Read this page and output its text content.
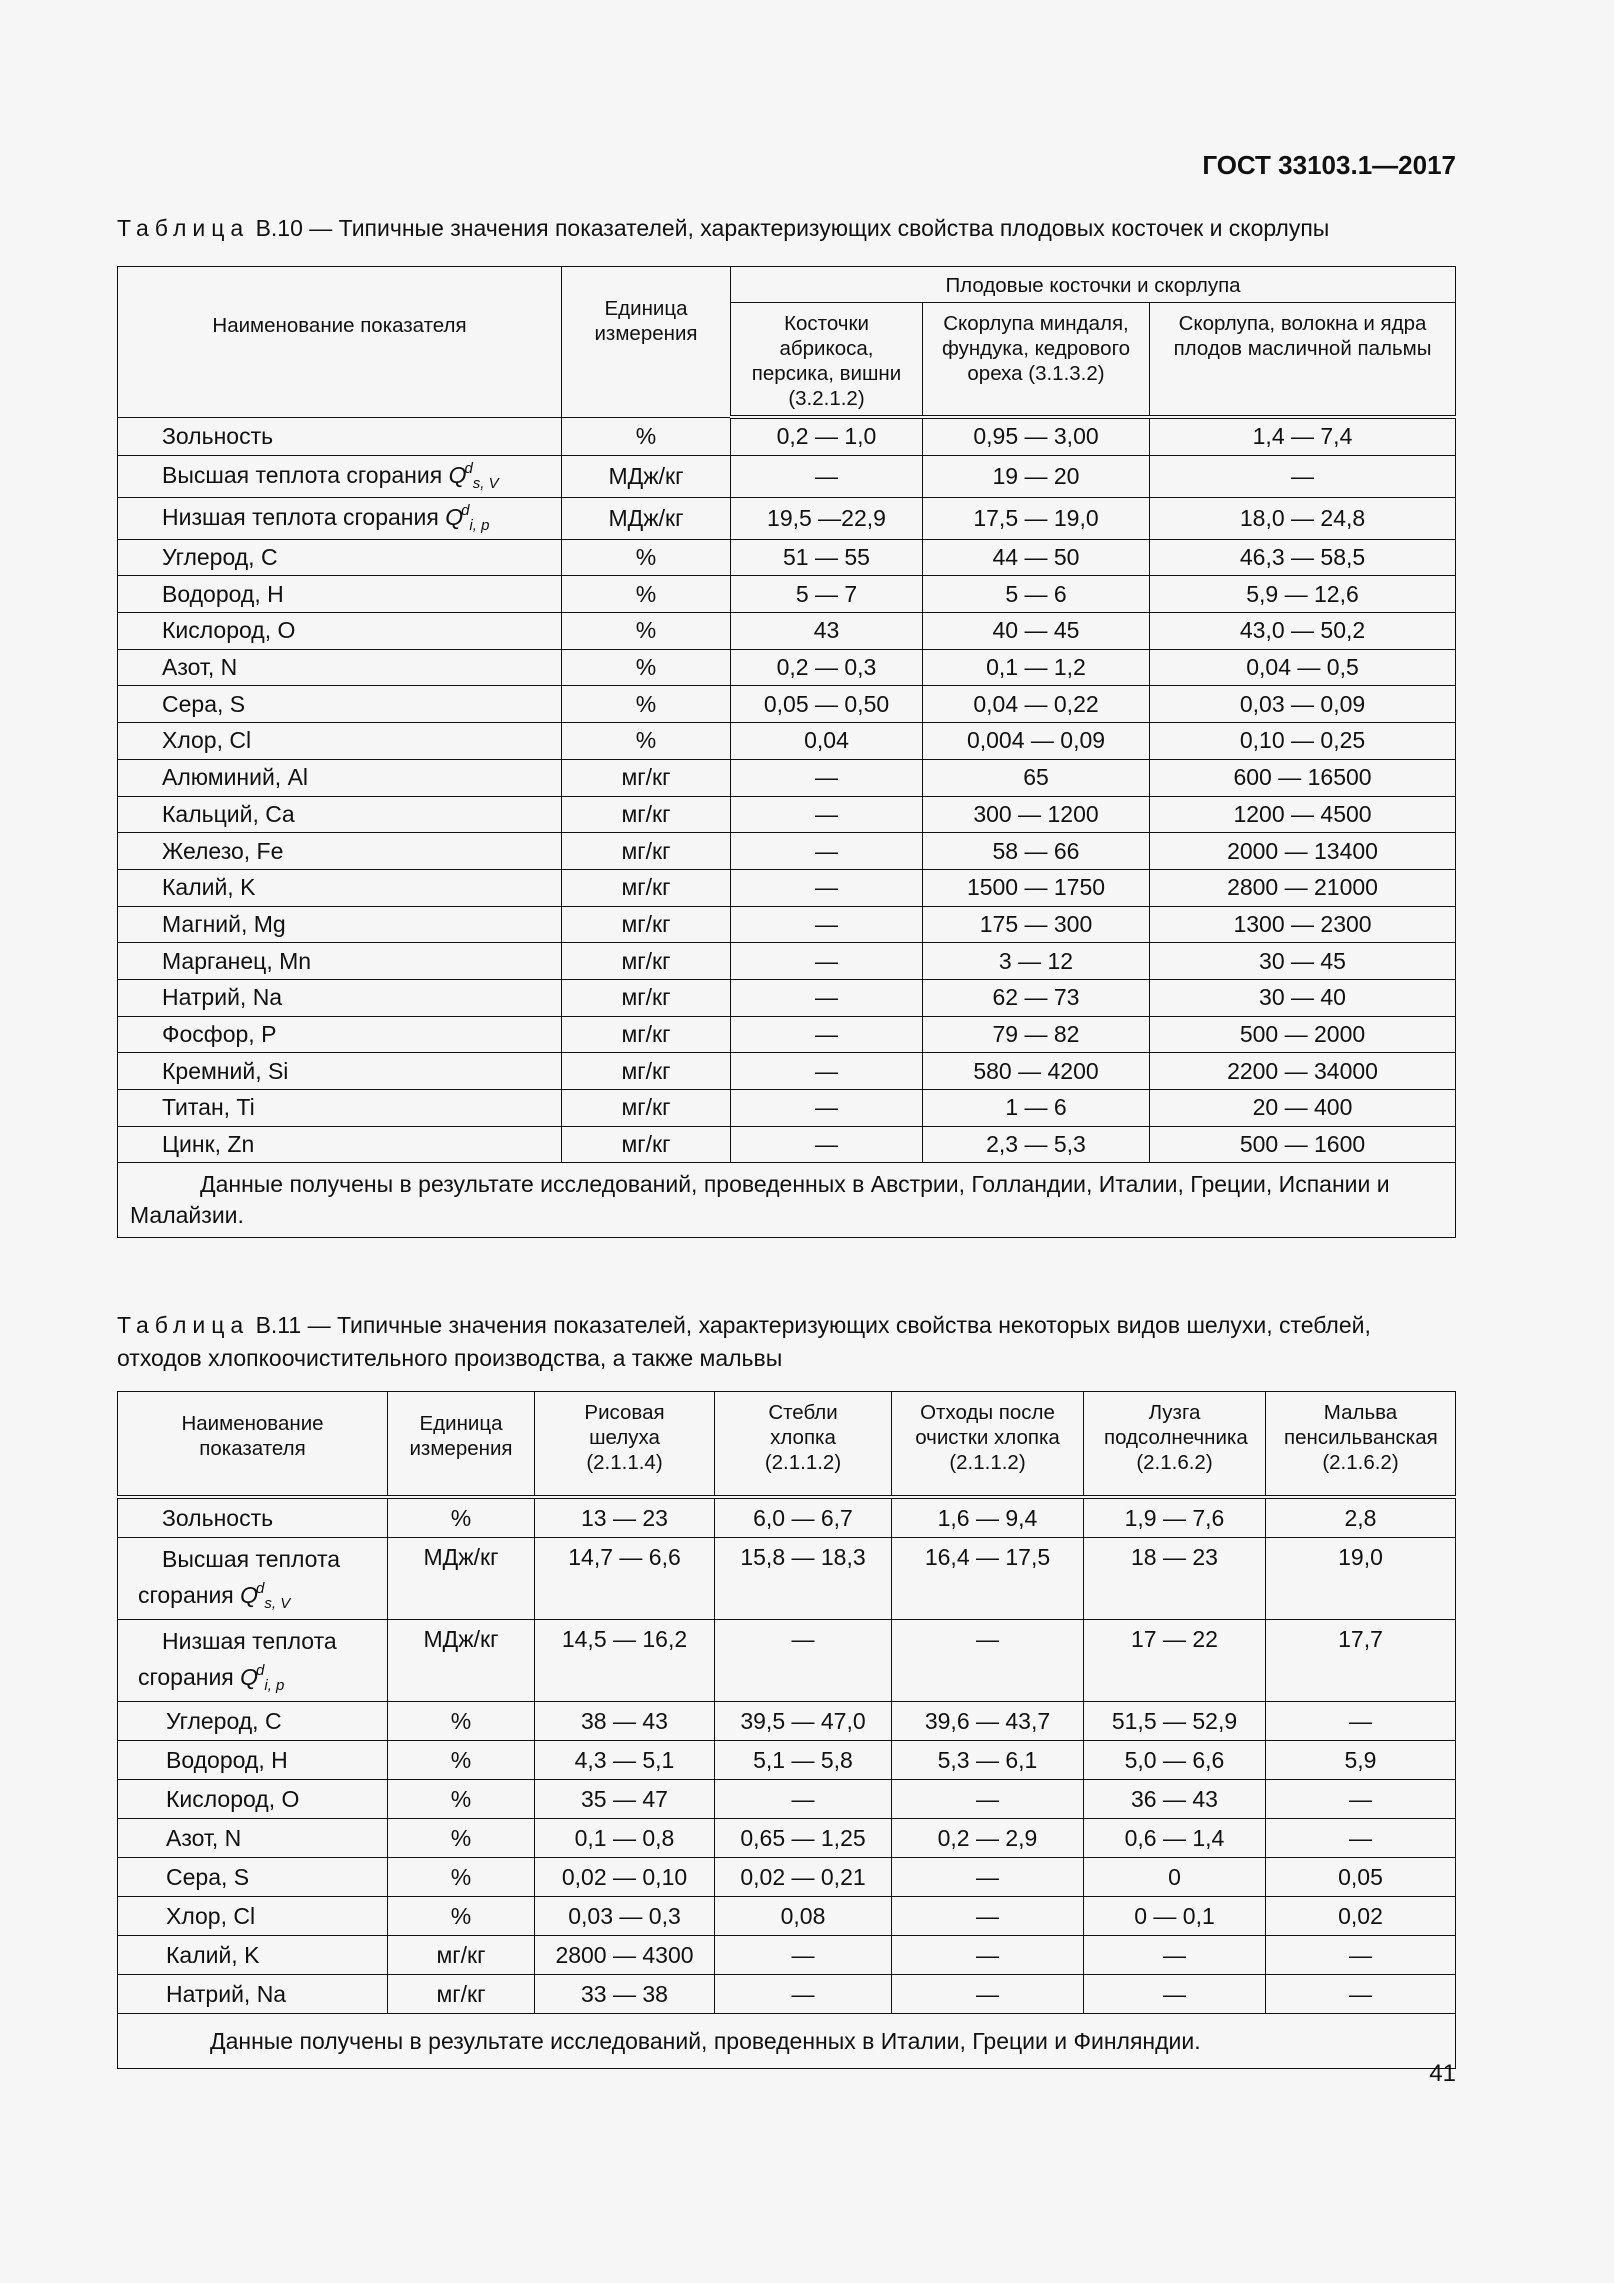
ГОСТ 33103.1—2017
Таблица В.10 — Типичные значения показателей, характеризующих свойства плодовых косточек и скорлупы
Наименование показателя	Единица измерения	Плодовые косточки и скорлупа		
		Косточки абрикоса, персика, вишни (3.2.1.2)	Скорлупа миндаля, фундука, кедрового ореха (3.1.3.2)	Скорлупа, волокна и ядра плодов масличной пальмы
Зольность	%	0,2 — 1,0	0,95 — 3,00	1,4 — 7,4
Высшая теплота сгорания $Q^d_{s, V}$	МДж/кг	—	19 — 20	—
Низшая теплота сгорания $Q^d_{i, p}$	МДж/кг	19,5 —22,9	17,5 — 19,0	18,0 — 24,8
Углерод, C	%	51 — 55	44 — 50	46,3 — 58,5
Водород, H	%	5 — 7	5 — 6	5,9 — 12,6
Кислород, O	%	43	40 — 45	43,0 — 50,2
Азот, N	%	0,2 — 0,3	0,1 — 1,2	0,04 — 0,5
Сера, S	%	0,05 — 0,50	0,04 — 0,22	0,03 — 0,09
Хлор, Cl	%	0,04	0,004 — 0,09	0,10 — 0,25
Алюминий, Al	мг/кг	—	65	600 — 16500
Кальций, Ca	мг/кг	—	300 — 1200	1200 — 4500
Железо, Fe	мг/кг	—	58 — 66	2000 — 13400
Калий, K	мг/кг	—	1500 — 1750	2800 — 21000
Магний, Mg	мг/кг	—	175 — 300	1300 — 2300
Марганец, Mn	мг/кг	—	3 — 12	30 — 45
Натрий, Na	мг/кг	—	62 — 73	30 — 40
Фосфор, P	мг/кг	—	79 — 82	500 — 2000
Кремний, Si	мг/кг	—	580 — 4200	2200 — 34000
Титан, Ti	мг/кг	—	1 — 6	20 — 400
Цинк, Zn	мг/кг	—	2,3 — 5,3	500 — 1600
Данные получены в результате исследований, проведенных в Австрии, Голландии, Италии, Греции, Испании и Малайзии.				
Таблица В.11 — Типичные значения показателей, характеризующих свойства некоторых видов шелухи, стеблей, отходов хлопкоочистительного производства, а также мальвы
Наименование показателя	Единица измерения	Рисовая шелуха (2.1.1.4)	Стебли хлопка (2.1.1.2)	Отходы после очистки хлопка (2.1.1.2)	Лузга подсолнечника (2.1.6.2)	Мальва пенсильванская (2.1.6.2)
Зольность	%	13 — 23	6,0 — 6,7	1,6 — 9,4	1,9 — 7,6	2,8
Высшая теплота
сгорания $Q^d_{s, V}$	МДж/кг	14,7 — 6,6	15,8 — 18,3	16,4 — 17,5	18 — 23	19,0
Низшая теплота
сгорания $Q^d_{i, p}$	МДж/кг	14,5 — 16,2	—	—	17 — 22	17,7
Углерод, C	%	38 — 43	39,5 — 47,0	39,6 — 43,7	51,5 — 52,9	—
Водород, H	%	4,3 — 5,1	5,1 — 5,8	5,3 — 6,1	5,0 — 6,6	5,9
Кислород, O	%	35 — 47	—	—	36 — 43	—
Азот, N	%	0,1 — 0,8	0,65 — 1,25	0,2 — 2,9	0,6 — 1,4	—
Сера, S	%	0,02 — 0,10	0,02 — 0,21	—	0	0,05
Хлор, Cl	%	0,03 — 0,3	0,08	—	0 — 0,1	0,02
Калий, K	мг/кг	2800 — 4300	—	—	—	—
Натрий, Na	мг/кг	33 — 38	—	—	—	—
Данные получены в результате исследований, проведенных в Италии, Греции и Финляндии.						
41
